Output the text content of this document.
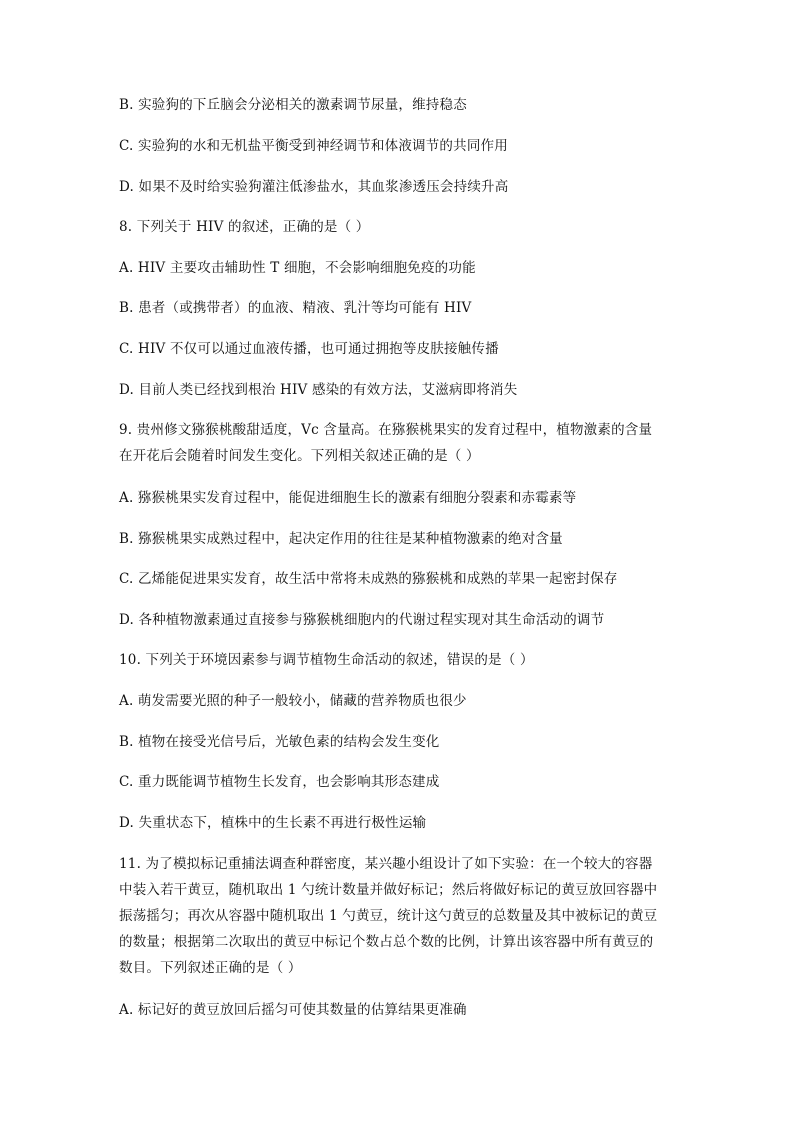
B. 实验狗的下丘脑会分泌相关的激素调节尿量，维持稳态
C. 实验狗的水和无机盐平衡受到神经调节和体液调节的共同作用
D. 如果不及时给实验狗灌注低渗盐水，其血浆渗透压会持续升高
8. 下列关于 HIV 的叙述，正确的是（ ）
A. HIV 主要攻击辅助性 T 细胞，不会影响细胞免疫的功能
B. 患者（或携带者）的血液、精液、乳汁等均可能有 HIV
C. HIV 不仅可以通过血液传播，也可通过拥抱等皮肤接触传播
D. 目前人类已经找到根治 HIV 感染的有效方法，艾滋病即将消失
9. 贵州修文猕猴桃酸甜适度，Vc 含量高。在猕猴桃果实的发育过程中，植物激素的含量
在开花后会随着时间发生变化。下列相关叙述正确的是（ ）
A. 猕猴桃果实发育过程中，能促进细胞生长的激素有细胞分裂素和赤霉素等
B. 猕猴桃果实成熟过程中，起决定作用的往往是某种植物激素的绝对含量
C. 乙烯能促进果实发育，故生活中常将未成熟的猕猴桃和成熟的苹果一起密封保存
D. 各种植物激素通过直接参与猕猴桃细胞内的代谢过程实现对其生命活动的调节
10. 下列关于环境因素参与调节植物生命活动的叙述，错误的是（ ）
A. 萌发需要光照的种子一般较小，储藏的营养物质也很少
B. 植物在接受光信号后，光敏色素的结构会发生变化
C. 重力既能调节植物生长发育，也会影响其形态建成
D. 失重状态下，植株中的生长素不再进行极性运输
11. 为了模拟标记重捕法调查种群密度，某兴趣小组设计了如下实验：在一个较大的容器
中装入若干黄豆，随机取出 1 勺统计数量并做好标记；然后将做好标记的黄豆放回容器中
振荡摇匀；再次从容器中随机取出 1 勺黄豆，统计这勺黄豆的总数量及其中被标记的黄豆
的数量；根据第二次取出的黄豆中标记个数占总个数的比例，计算出该容器中所有黄豆的
数目。下列叙述正确的是（ ）
A. 标记好的黄豆放回后摇匀可使其数量的估算结果更准确
